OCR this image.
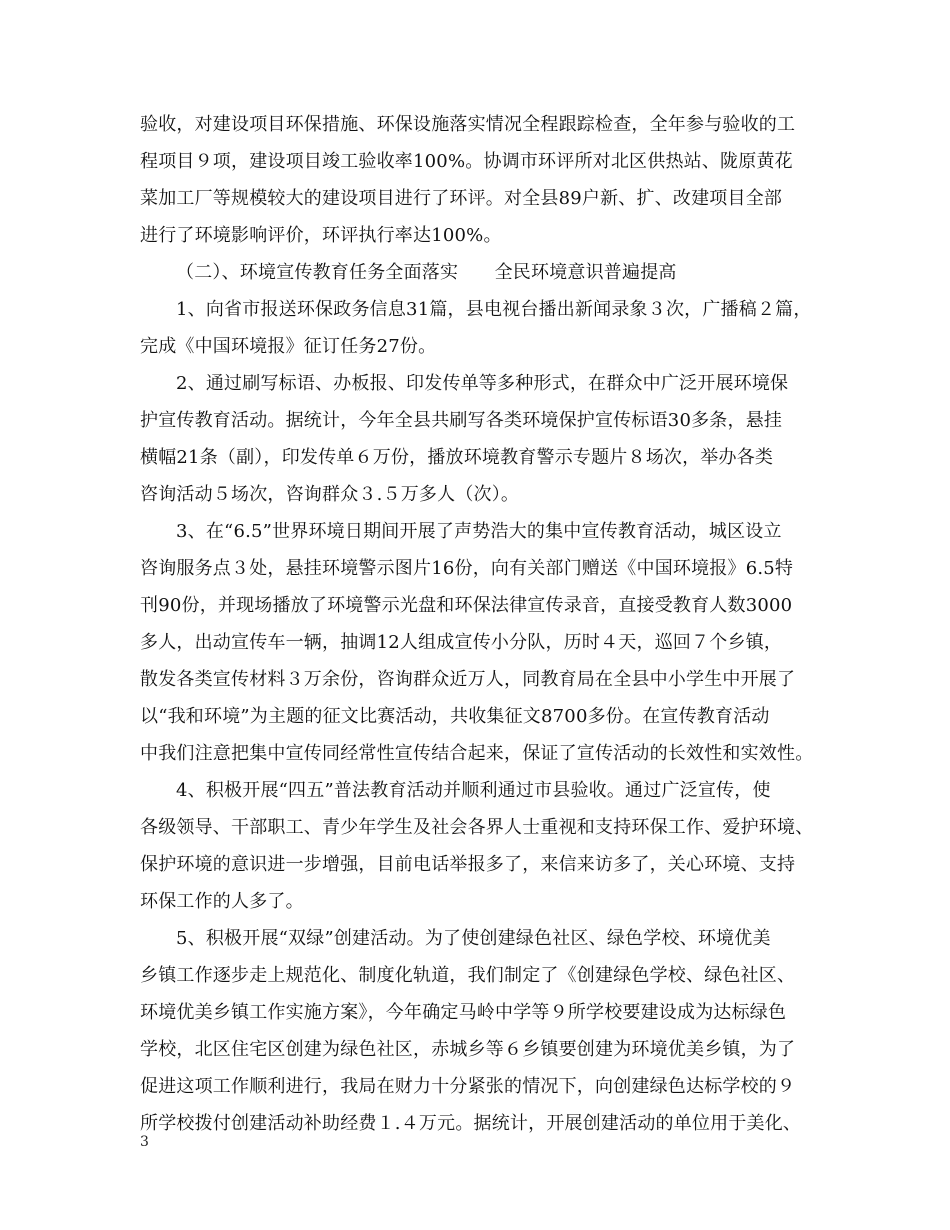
验收，对建设项目环保措施、环保设施落实情况全程跟踪检查，全年参与验收的工
程项目９项，建设项目竣工验收率100%。协调市环评所对北区供热站、陇原黄花
菜加工厂等规模较大的建设项目进行了环评。对全县89户新、扩、改建项目全部
进行了环境影响评价，环评执行率达100%。
（二）、环境宣传教育任务全面落实　　全民环境意识普遍提高
1、向省市报送环保政务信息31篇，县电视台播出新闻录象３次，广播稿２篇，
完成《中国环境报》征订任务27份。
2、通过刷写标语、办板报、印发传单等多种形式，在群众中广泛开展环境保
护宣传教育活动。据统计，今年全县共刷写各类环境保护宣传标语30多条，悬挂
横幅21条（副），印发传单６万份，播放环境教育警示专题片８场次，举办各类
咨询活动５场次，咨询群众３.５万多人（次）。
3、在“6.5”世界环境日期间开展了声势浩大的集中宣传教育活动，城区设立
咨询服务点３处，悬挂环境警示图片16份，向有关部门赠送《中国环境报》6.5特
刊90份，并现场播放了环境警示光盘和环保法律宣传录音，直接受教育人数3000
多人，出动宣传车一辆，抽调12人组成宣传小分队，历时４天，巡回７个乡镇，
散发各类宣传材料３万余份，咨询群众近万人，同教育局在全县中小学生中开展了
以“我和环境”为主题的征文比赛活动，共收集征文8700多份。在宣传教育活动
中我们注意把集中宣传同经常性宣传结合起来，保证了宣传活动的长效性和实效性。
4、积极开展“四五”普法教育活动并顺利通过市县验收。通过广泛宣传，使
各级领导、干部职工、青少年学生及社会各界人士重视和支持环保工作、爱护环境、
保护环境的意识进一步增强，目前电话举报多了，来信来访多了，关心环境、支持
环保工作的人多了。
5、积极开展“双绿”创建活动。为了使创建绿色社区、绿色学校、环境优美
乡镇工作逐步走上规范化、制度化轨道，我们制定了《创建绿色学校、绿色社区、
环境优美乡镇工作实施方案》，今年确定马岭中学等９所学校要建设成为达标绿色
学校，北区住宅区创建为绿色社区，赤城乡等６乡镇要创建为环境优美乡镇，为了
促进这项工作顺利进行，我局在财力十分紧张的情况下，向创建绿色达标学校的９
所学校拨付创建活动补助经费１.４万元。据统计，开展创建活动的单位用于美化、
3
